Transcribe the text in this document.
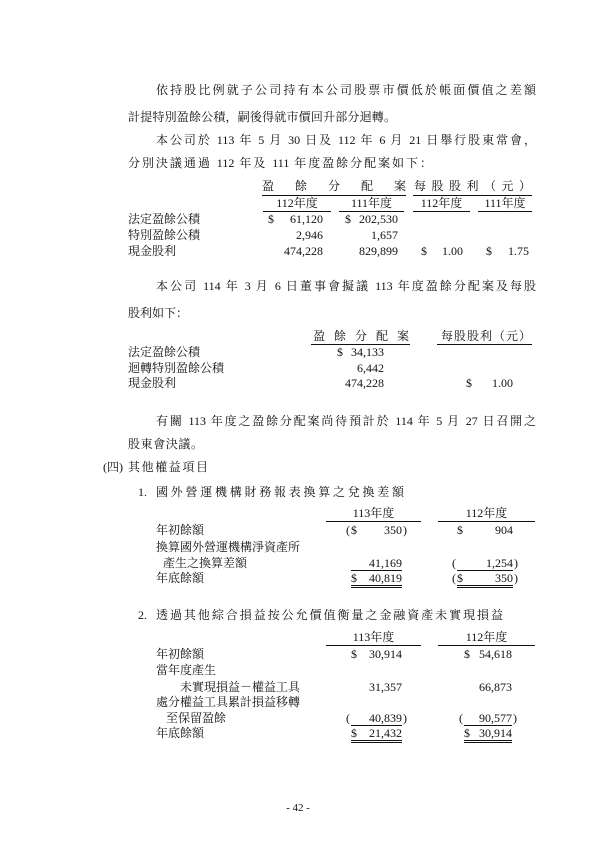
依持股比例就子公司持有本公司股票市價低於帳面價值之差額
計提特別盈餘公積，嗣後得就市價回升部分迴轉。
本公司於 113 年 5 月 30 日及 112 年 6 月 21 日舉行股東常會，
分別決議通過 112 年及 111 年度盈餘分配案如下：
盈餘分配案 每股股利（元）
112年度	111年度	112年度	111年度
法定盈餘公積	$ 61,120 $ 202,530
特別盈餘公積	2,946	1,657
現金股利	474,228	829,899 $ 1.00 $ 1.75
本公司 114 年 3 月 6 日董事會擬議 113 年度盈餘分配案及每股
股利如下：
盈餘分配案	每股股利（元）
法定盈餘公積	$ 34,133
迴轉特別盈餘公積	6,442
現金股利	474,228	$ 1.00
有關 113 年度之盈餘分配案尚待預計於 114 年 5 月 27 日召開之
股東會決議。
(四) 其他權益項目
1. 國外營運機構財務報表換算之兌換差額
113年度	112年度
年初餘額	( $ 350 )	$	904
換算國外營運機構淨資產所
產生之換算差額	41,169	(	1,254 )
年底餘額	$ 40,819	( $	350 )
2. 透過其他綜合損益按公允價值衡量之金融資產未實現損益
113年度	112年度
年初餘額	$ 30,914	$ 54,618
當年度產生
未實現損益－權益工具	31,357	66,873
處分權益工具累計損益移轉
至保留盈餘	( 40,839 )	( 90,577 )
年底餘額	$ 21,432	$ 30,914
- 42 -
